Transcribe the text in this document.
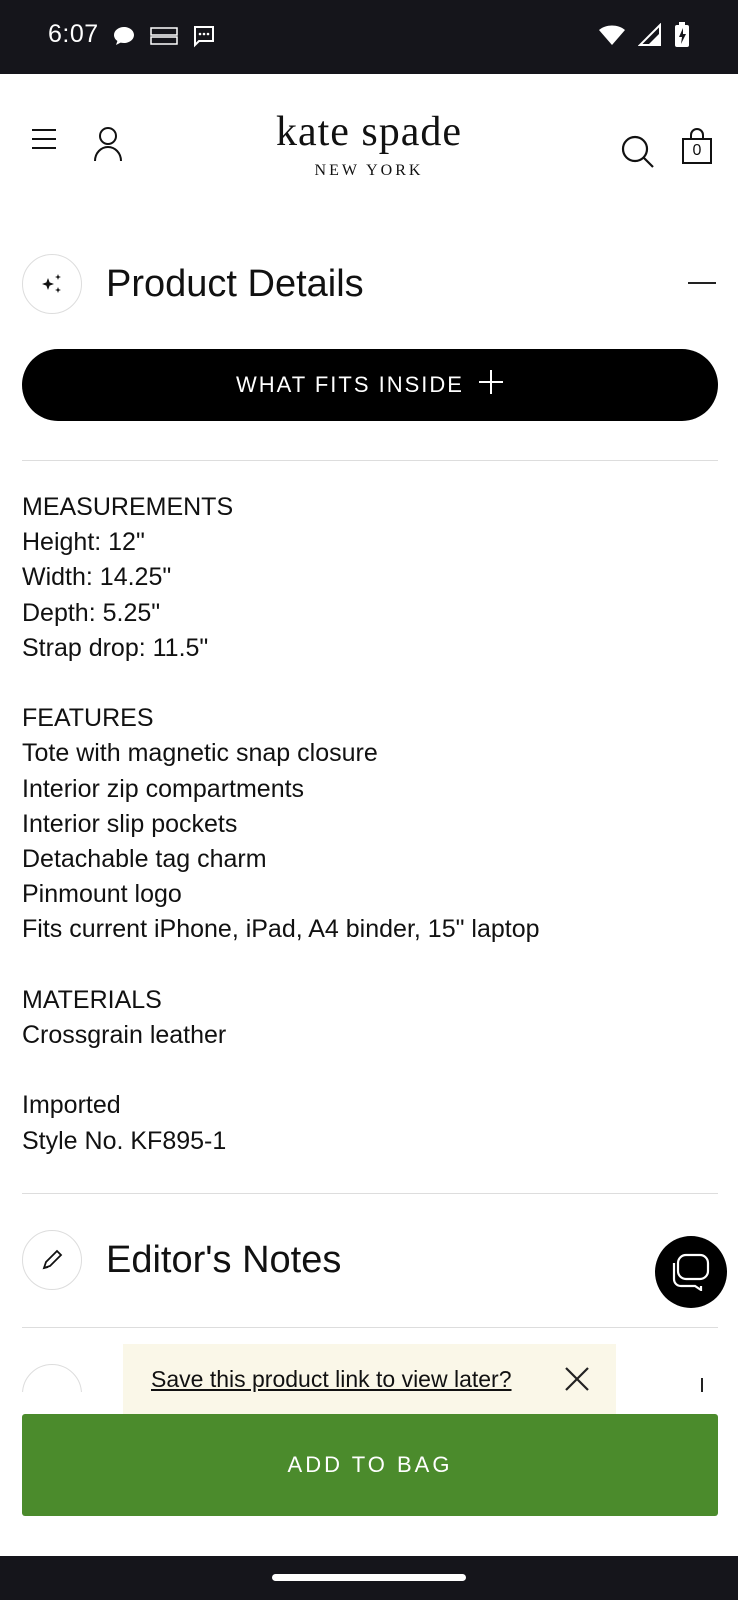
6:07
kate spade
NEW YORK
0
Product Details
WHAT FITS INSIDE
MEASUREMENTS
Height: 12"
Width: 14.25"
Depth: 5.25"
Strap drop: 11.5"
FEATURES
Tote with magnetic snap closure
Interior zip compartments
Interior slip pockets
Detachable tag charm
Pinmount logo
Fits current iPhone, iPad, A4 binder, 15" laptop
MATERIALS
Crossgrain leather
Imported
Style No. KF895-1
Editor's Notes
ADD TO BAG
Save this product link to view later?
